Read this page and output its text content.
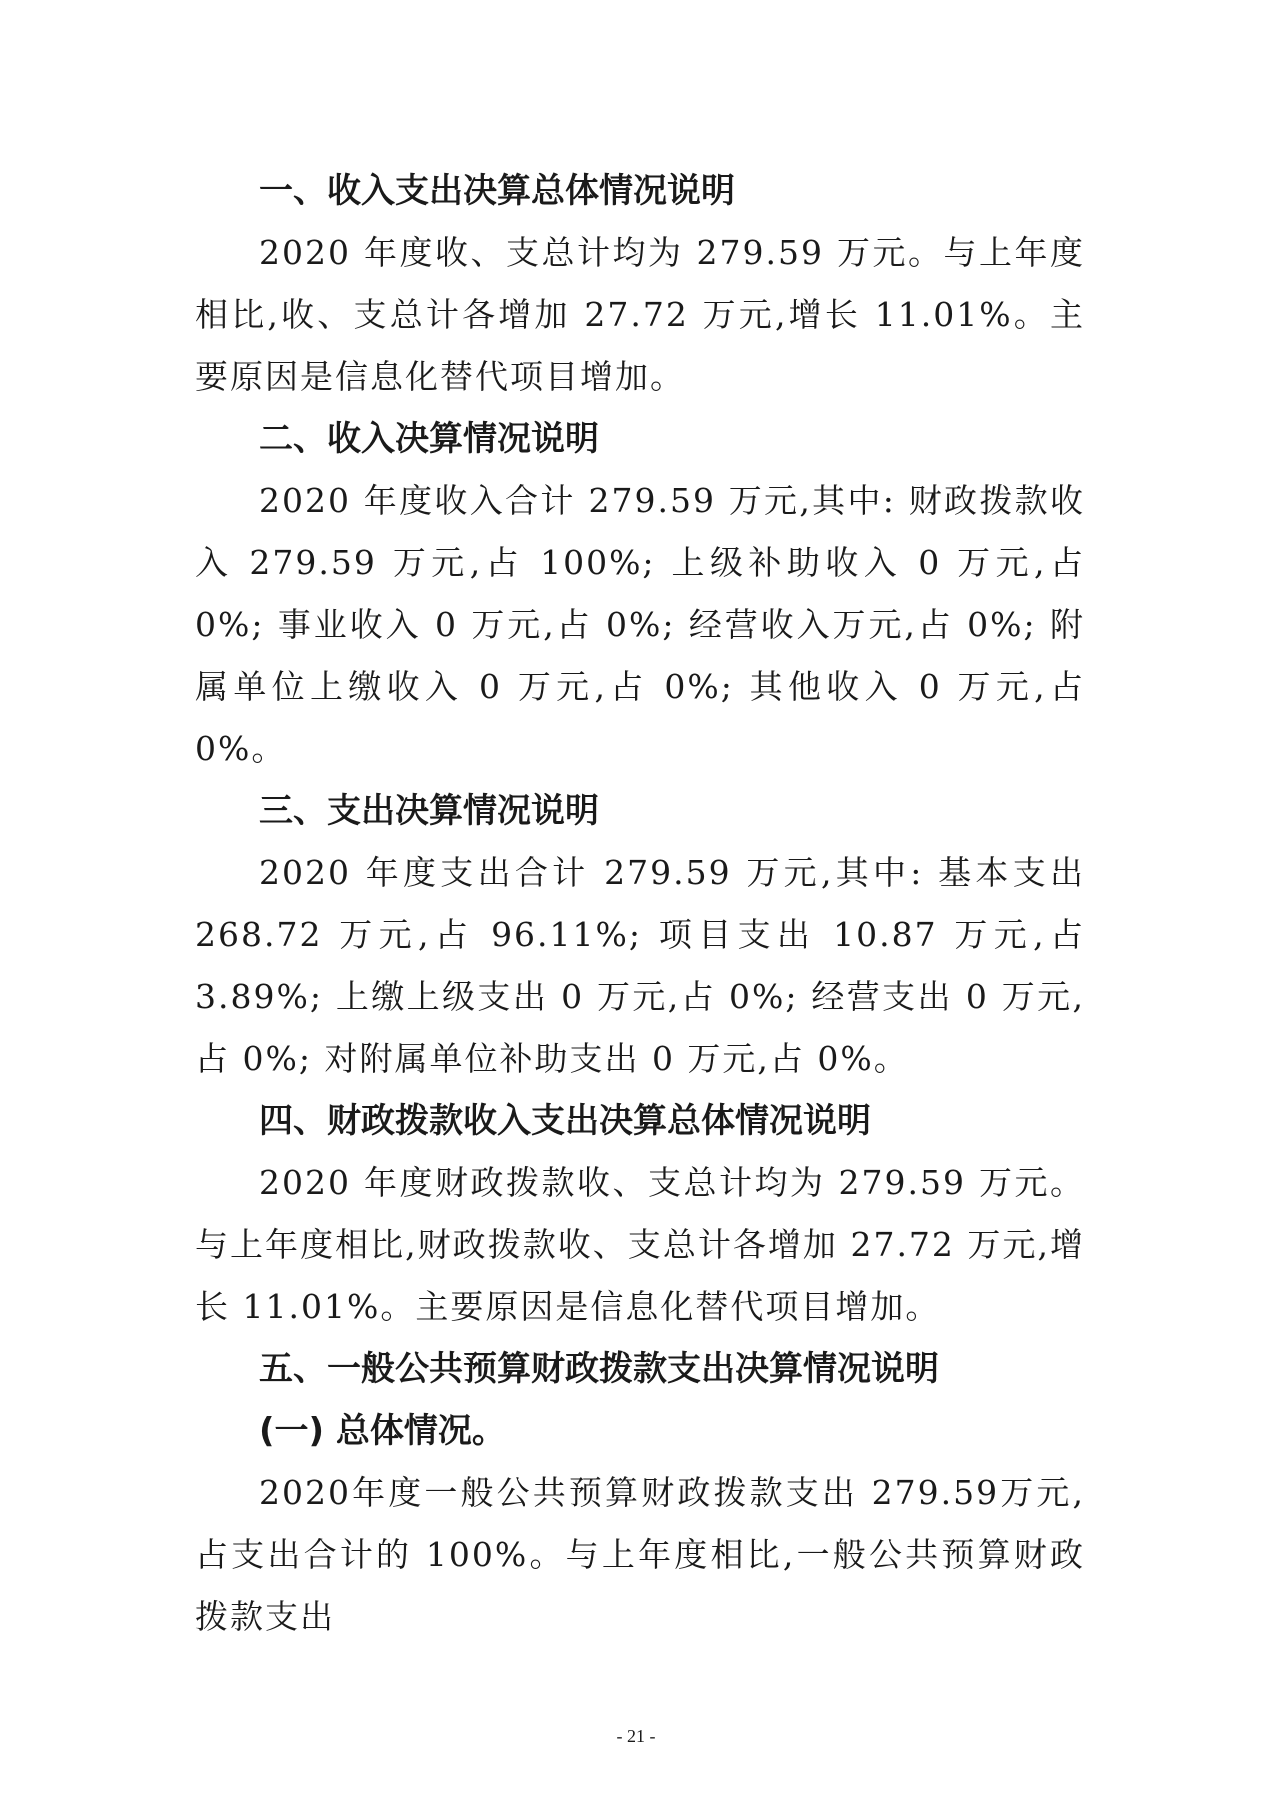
一、收入支出决算总体情况说明

2020 年度收、支总计均为 279.59 万元。与上年度相比,收、支总计各增加 27.72 万元,增长 11.01%。主要原因是信息化替代项目增加。

二、收入决算情况说明

2020 年度收入合计 279.59 万元,其中: 财政拨款收入 279.59 万元,占 100%; 上级补助收入 0 万元,占 0%; 事业收入 0 万元,占 0%; 经营收入万元,占 0%; 附属单位上缴收入 0 万元,占 0%; 其他收入 0 万元,占 0%。

三、支出决算情况说明

2020 年度支出合计 279.59 万元,其中: 基本支出 268.72 万元,占 96.11%; 项目支出 10.87 万元,占 3.89%; 上缴上级支出 0 万元,占 0%; 经营支出 0 万元,占 0%; 对附属单位补助支出 0 万元,占 0%。

四、财政拨款收入支出决算总体情况说明

2020 年度财政拨款收、支总计均为 279.59 万元。与上年度相比,财政拨款收、支总计各增加 27.72 万元,增长 11.01%。主要原因是信息化替代项目增加。

五、一般公共预算财政拨款支出决算情况说明
(一) 总体情况。

2020年度一般公共预算财政拨款支出 279.59万元,占支出合计的 100%。与上年度相比,一般公共预算财政拨款支出

- 21 -
